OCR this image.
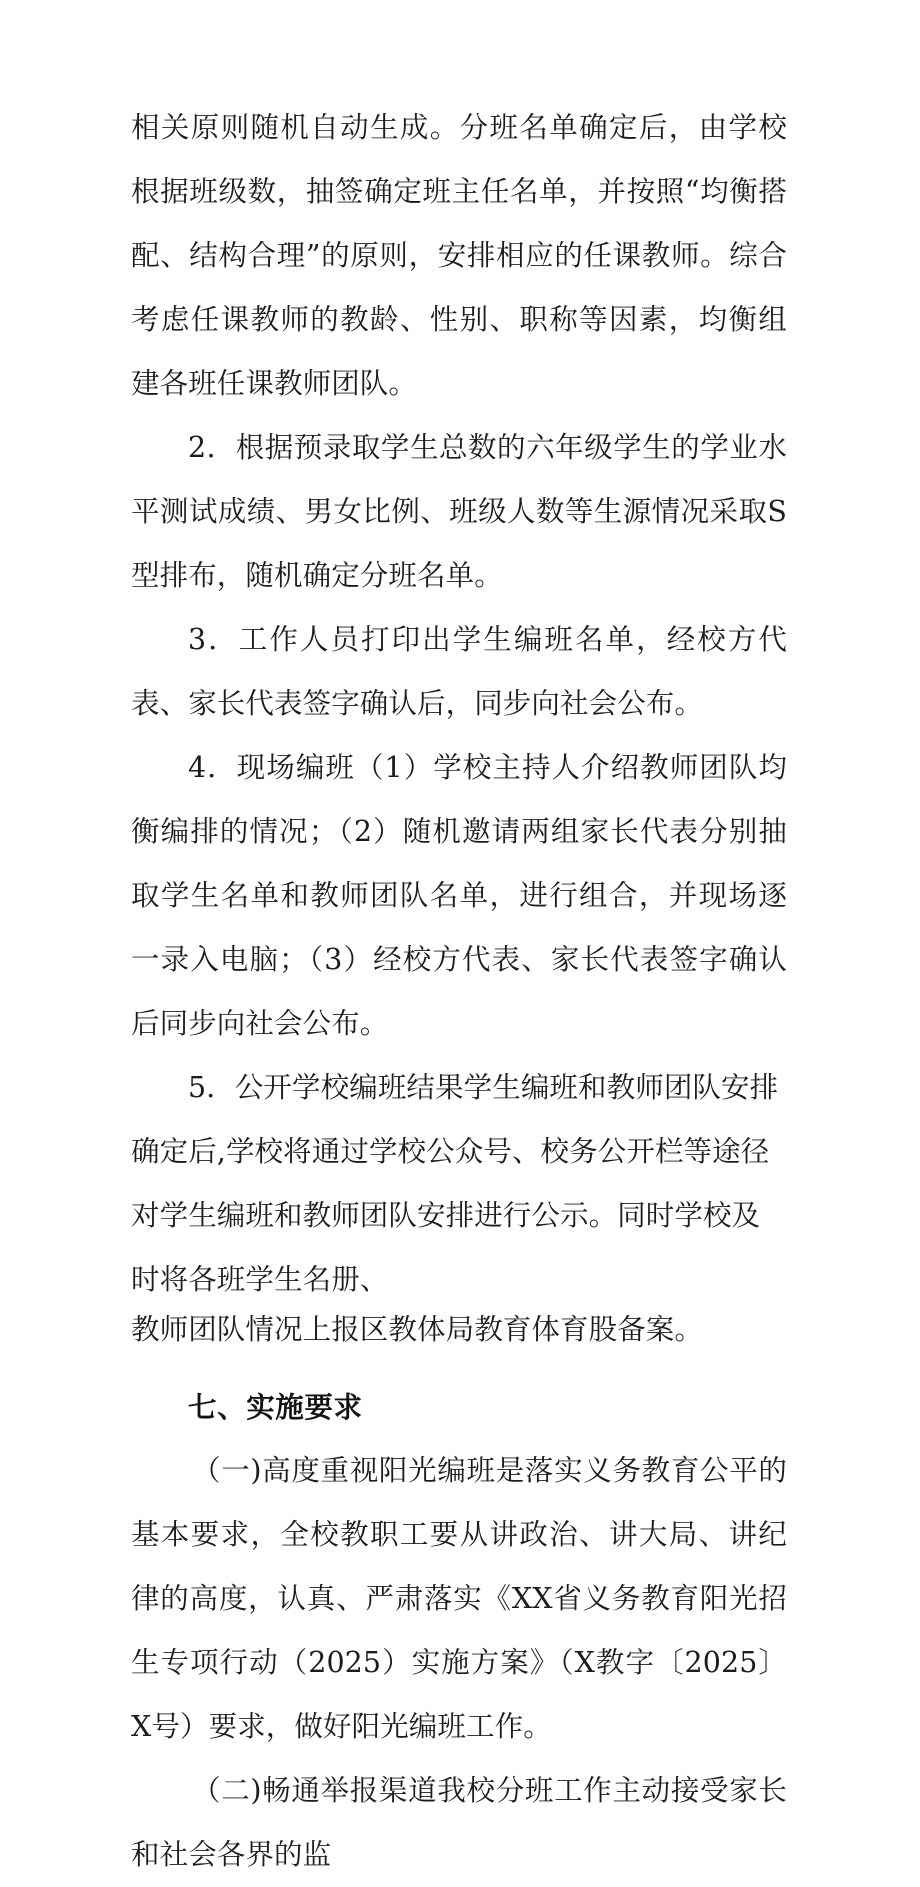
相关原则随机自动生成。分班名单确定后，由学校根据班级数，抽签确定班主任名单，并按照“均衡搭配、结构合理”的原则，安排相应的任课教师。综合考虑任课教师的教龄、性别、职称等因素，均衡组建各班任课教师团队。

2．根据预录取学生总数的六年级学生的学业水平测试成绩、男女比例、班级人数等生源情况采取S型排布，随机确定分班名单。

3．工作人员打印出学生编班名单，经校方代表、家长代表签字确认后，同步向社会公布。

4．现场编班（1）学校主持人介绍教师团队均衡编排的情况；（2）随机邀请两组家长代表分别抽取学生名单和教师团队名单，进行组合，并现场逐一录入电脑；（3）经校方代表、家长代表签字确认后同步向社会公布。

5．公开学校编班结果学生编班和教师团队安排确定后,学校将通过学校公众号、校务公开栏等途径对学生编班和教师团队安排进行公示。同时学校及时将各班学生名册、

教师团队情况上报区教体局教育体育股备案。

七、实施要求

（一)高度重视阳光编班是落实义务教育公平的基本要求，全校教职工要从讲政治、讲大局、讲纪律的高度，认真、严肃落实《XX省义务教育阳光招生专项行动（2025）实施方案》（X教字〔2025〕X号）要求，做好阳光编班工作。

（二)畅通举报渠道我校分班工作主动接受家长和社会各界的监
